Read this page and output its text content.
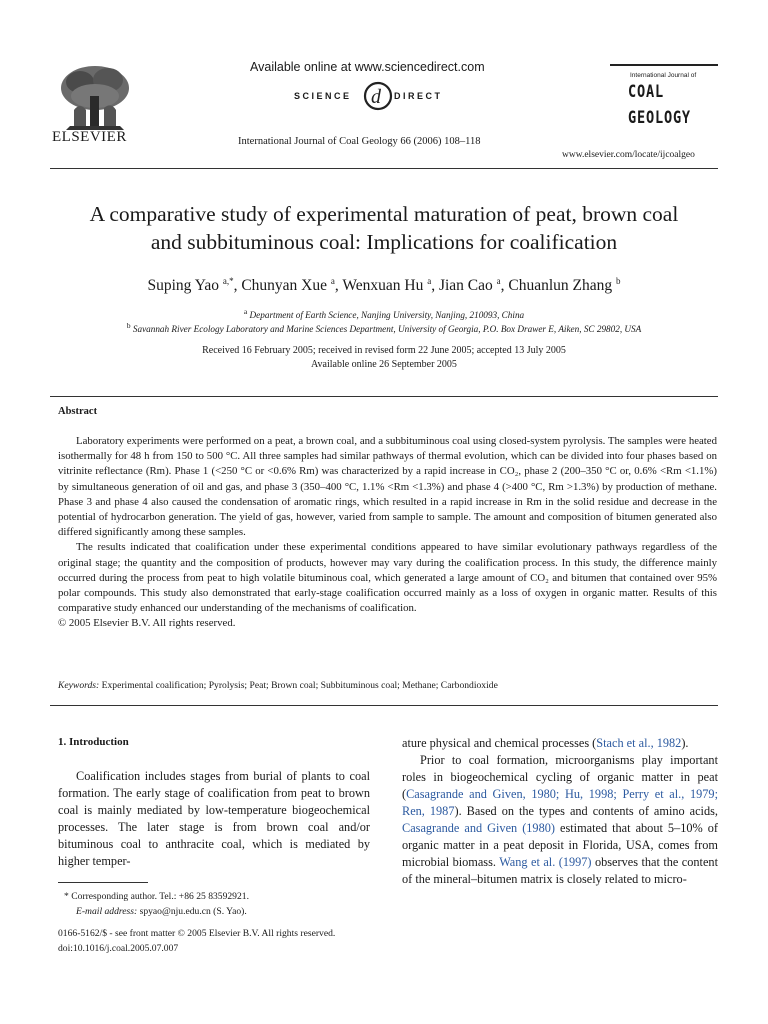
ELSEVIER
Available online at www.sciencedirect.com
SCIENCE d DIRECT
International Journal of Coal Geology 66 (2006) 108–118
International Journal of
COAL
GEOLOGY
www.elsevier.com/locate/ijcoalgeo
A comparative study of experimental maturation of peat, brown coal
and subbituminous coal: Implications for coalification
Suping Yao $^{a,*}$, Chunyan Xue $^a$, Wenxuan Hu $^a$, Jian Cao $^a$, Chuanlun Zhang $^b$
$^a$ Department of Earth Science, Nanjing University, Nanjing, 210093, China
$^b$ Savannah River Ecology Laboratory and Marine Sciences Department, University of Georgia, P.O. Box Drawer E, Aiken, SC 29802, USA
Received 16 February 2005; received in revised form 22 June 2005; accepted 13 July 2005
Available online 26 September 2005
Abstract

Laboratory experiments were performed on a peat, a brown coal, and a subbituminous coal using closed-system pyrolysis. The samples were heated isothermally for 48 h from 150 to 500 °C. All three samples had similar pathways of thermal evolution, which can be divided into four phases based on vitrinite reflectance (Rm). Phase 1 (<250 °C or <0.6% Rm) was characterized by a rapid increase in CO₂, phase 2 (200–350 °C or, 0.6% <Rm <1.1%) by simultaneous generation of oil and gas, and phase 3 (350–400 °C, 1.1% <Rm <1.3%) and phase 4 (>400 °C, Rm >1.3%) by production of methane. Phase 3 and phase 4 also caused the condensation of aromatic rings, which resulted in a rapid increase in Rm in the solid residue and decrease in the potential of hydrocarbon generation. The yield of gas, however, varied from sample to sample. The amount and composition of bitumen generated also differed significantly among these samples.

The results indicated that coalification under these experimental conditions appeared to have similar evolutionary pathways regardless of the original stage; the quantity and the composition of products, however may vary during the coalification process. In this study, the difference mainly occurred during the process from peat to high volatile bituminous coal, which generated a large amount of CO₂ and bitumen that contained over 95% polar compounds. This study also demonstrated that early-stage coalification occurred mainly as a loss of oxygen in organic matter. Results of this comparative study enhanced our understanding of the mechanisms of coalification.

© 2005 Elsevier B.V. All rights reserved.

Keywords: Experimental coalification; Pyrolysis; Peat; Brown coal; Subbituminous coal; Methane; Carbondioxide
1. Introduction

Coalification includes stages from burial of plants to coal formation. The early stage of coalification from peat to brown coal is mainly mediated by low-temperature biogeochemical processes. The later stage is from brown coal and/or bituminous coal to anthracite coal, which is mediated by higher temper-

ature physical and chemical processes (Stach et al., 1982).

Prior to coal formation, microorganisms play important roles in biogeochemical cycling of organic matter in peat (Casagrande and Given, 1980; Hu, 1998; Perry et al., 1979; Ren, 1987). Based on the types and contents of amino acids, Casagrande and Given (1980) estimated that about 5–10% of organic matter in a peat deposit in Florida, USA, comes from microbial biomass. Wang et al. (1997) observes that the content of the mineral–bitumen matrix is closely related to micro-

* Corresponding author. Tel.: +86 25 83592921.
E-mail address: spyao@nju.edu.cn (S. Yao).
0166-5162/$ - see front matter © 2005 Elsevier B.V. All rights reserved.
doi:10.1016/j.coal.2005.07.007
